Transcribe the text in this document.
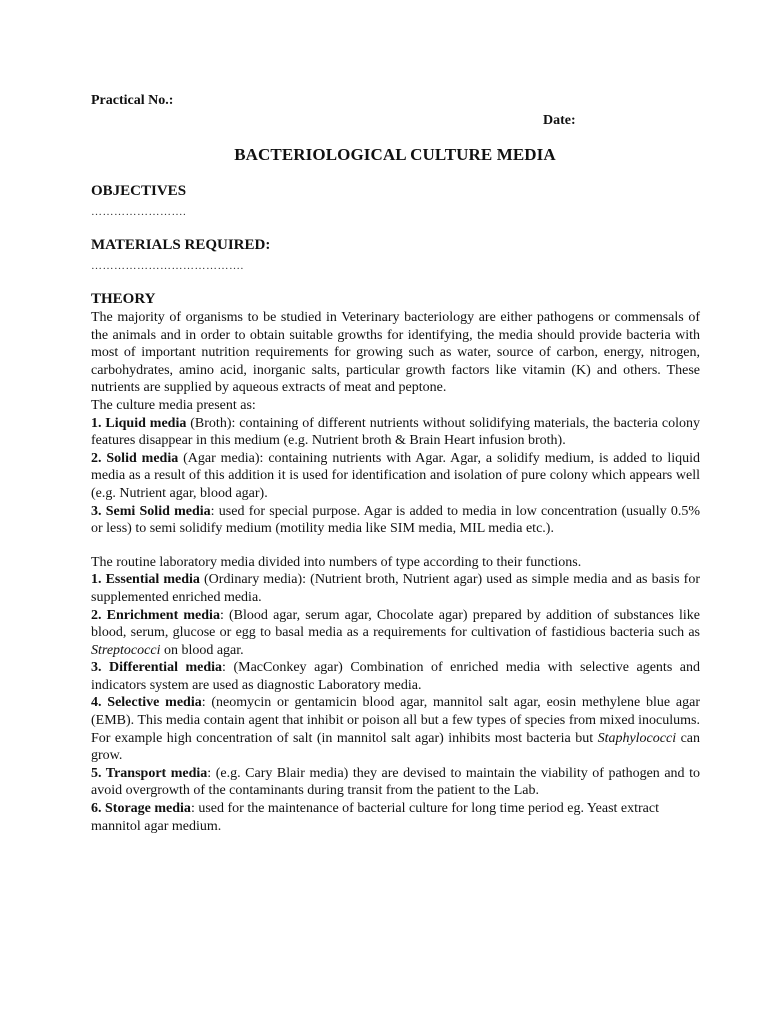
Practical No.:
Date:
BACTERIOLOGICAL CULTURE MEDIA
OBJECTIVES
…………………….
MATERIALS REQUIRED:
………………………………….
THEORY

The majority of organisms to be studied in Veterinary bacteriology are either pathogens or commensals of the animals and in order to obtain suitable growths for identifying, the media should provide bacteria with most of important nutrition requirements for growing such as water, source of carbon, energy, nitrogen, carbohydrates, amino acid, inorganic salts, particular growth factors like vitamin (K) and others. These nutrients are supplied by aqueous extracts of meat and peptone.

The culture media present as:

1. Liquid media (Broth): containing of different nutrients without solidifying materials, the bacteria colony features disappear in this medium (e.g. Nutrient broth & Brain Heart infusion broth).

2. Solid media (Agar media): containing nutrients with Agar. Agar, a solidify medium, is added to liquid media as a result of this addition it is used for identification and isolation of pure colony which appears well (e.g. Nutrient agar, blood agar).

3. Semi Solid media: used for special purpose. Agar is added to media in low concentration (usually 0.5% or less) to semi solidify medium (motility media like SIM media, MIL media etc.).

The routine laboratory media divided into numbers of type according to their functions.

1. Essential media (Ordinary media): (Nutrient broth, Nutrient agar) used as simple media and as basis for supplemented enriched media.

2. Enrichment media: (Blood agar, serum agar, Chocolate agar) prepared by addition of substances like blood, serum, glucose or egg to basal media as a requirements for cultivation of fastidious bacteria such as Streptococci on blood agar.

3. Differential media: (MacConkey agar) Combination of enriched media with selective agents and indicators system are used as diagnostic Laboratory media.

4. Selective media: (neomycin or gentamicin blood agar, mannitol salt agar, eosin methylene blue agar (EMB). This media contain agent that inhibit or poison all but a few types of species from mixed inoculums. For example high concentration of salt (in mannitol salt agar) inhibits most bacteria but Staphylococci can grow.

5. Transport media: (e.g. Cary Blair media) they are devised to maintain the viability of pathogen and to avoid overgrowth of the contaminants during transit from the patient to the Lab.

6. Storage media: used for the maintenance of bacterial culture for long time period eg. Yeast extract mannitol agar medium.
